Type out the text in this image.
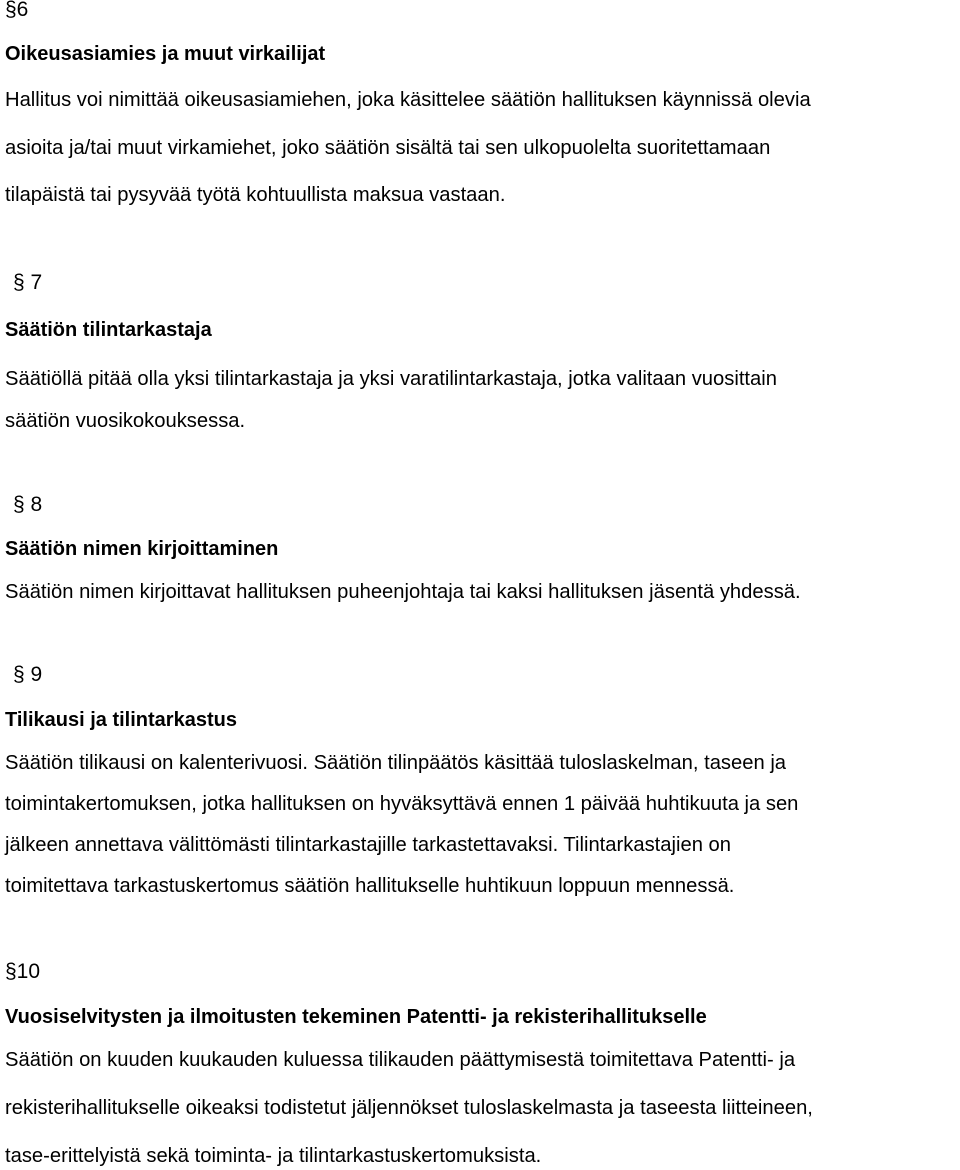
§6
Oikeusasiamies ja muut virkailijat
Hallitus voi nimittää oikeusasiamiehen, joka käsittelee säätiön hallituksen käynnissä olevia
asioita ja/tai muut virkamiehet, joko säätiön sisältä tai sen ulkopuolelta suoritettamaan
tilapäistä tai pysyvää työtä kohtuullista maksua vastaan.
§ 7
Säätiön tilintarkastaja
Säätiöllä pitää olla yksi tilintarkastaja ja yksi varatilintarkastaja, jotka valitaan vuosittain
säätiön vuosikokouksessa.
§ 8
Säätiön nimen kirjoittaminen
Säätiön nimen kirjoittavat hallituksen puheenjohtaja tai kaksi hallituksen jäsentä yhdessä.
§ 9
Tilikausi ja tilintarkastus
Säätiön tilikausi on kalenterivuosi. Säätiön tilinpäätös käsittää tuloslaskelman, taseen ja
toimintakertomuksen, jotka hallituksen on hyväksyttävä ennen 1 päivää huhtikuuta ja sen
jälkeen annettava välittömästi tilintarkastajille tarkastettavaksi. Tilintarkastajien on
toimitettava tarkastuskertomus säätiön hallitukselle huhtikuun loppuun mennessä.
§10
Vuosiselvitysten ja ilmoitusten tekeminen Patentti- ja rekisterihallitukselle
Säätiön on kuuden kuukauden kuluessa tilikauden päättymisestä toimitettava Patentti- ja
rekisterihallitukselle oikeaksi todistetut jäljennökset tuloslaskelmasta ja taseesta liitteineen,
tase-erittelyistä sekä toiminta- ja tilintarkastuskertomuksista.
